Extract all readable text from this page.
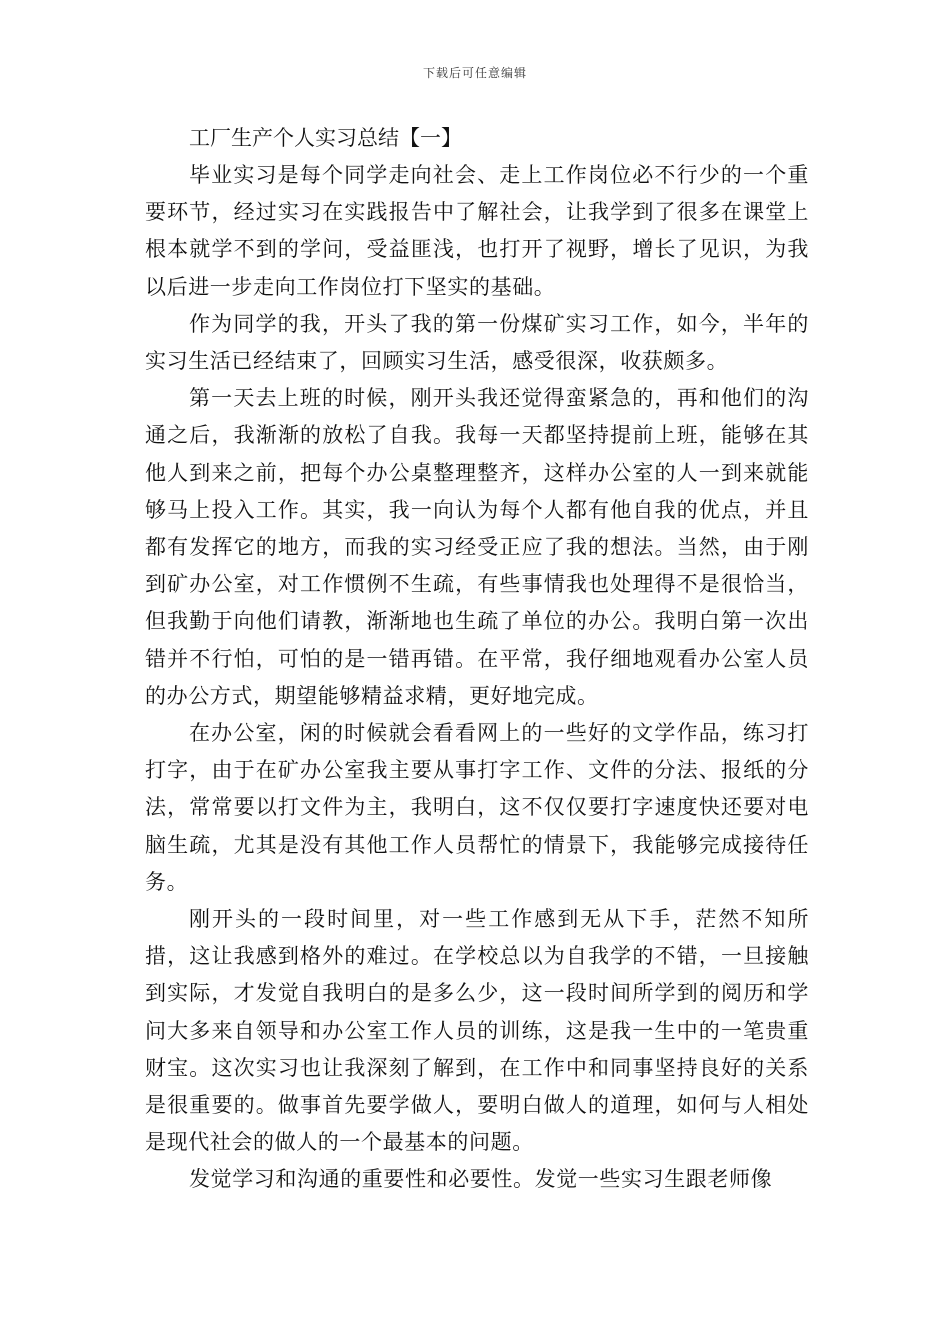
下载后可任意编辑
工厂生产个人实习总结【一】

毕业实习是每个同学走向社会、走上工作岗位必不行少的一个重要环节，经过实习在实践报告中了解社会，让我学到了很多在课堂上根本就学不到的学问，受益匪浅，也打开了视野，增长了见识，为我以后进一步走向工作岗位打下坚实的基础。

作为同学的我，开头了我的第一份煤矿实习工作，如今，半年的实习生活已经结束了，回顾实习生活，感受很深，收获颇多。

第一天去上班的时候，刚开头我还觉得蛮紧急的，再和他们的沟通之后，我渐渐的放松了自我。我每一天都坚持提前上班，能够在其他人到来之前，把每个办公桌整理整齐，这样办公室的人一到来就能够马上投入工作。其实，我一向认为每个人都有他自我的优点，并且都有发挥它的地方，而我的实习经受正应了我的想法。当然，由于刚到矿办公室，对工作惯例不生疏，有些事情我也处理得不是很恰当，但我勤于向他们请教，渐渐地也生疏了单位的办公。我明白第一次出错并不行怕，可怕的是一错再错。在平常，我仔细地观看办公室人员的办公方式，期望能够精益求精，更好地完成。

在办公室，闲的时候就会看看网上的一些好的文学作品，练习打打字，由于在矿办公室我主要从事打字工作、文件的分法、报纸的分法，常常要以打文件为主，我明白，这不仅仅要打字速度快还要对电脑生疏，尤其是没有其他工作人员帮忙的情景下，我能够完成接待任务。

刚开头的一段时间里，对一些工作感到无从下手，茫然不知所措，这让我感到格外的难过。在学校总以为自我学的不错，一旦接触到实际，才发觉自我明白的是多么少，这一段时间所学到的阅历和学问大多来自领导和办公室工作人员的训练，这是我一生中的一笔贵重财宝。这次实习也让我深刻了解到，在工作中和同事坚持良好的关系是很重要的。做事首先要学做人，要明白做人的道理，如何与人相处是现代社会的做人的一个最基本的问题。

发觉学习和沟通的重要性和必要性。发觉一些实习生跟老师像
